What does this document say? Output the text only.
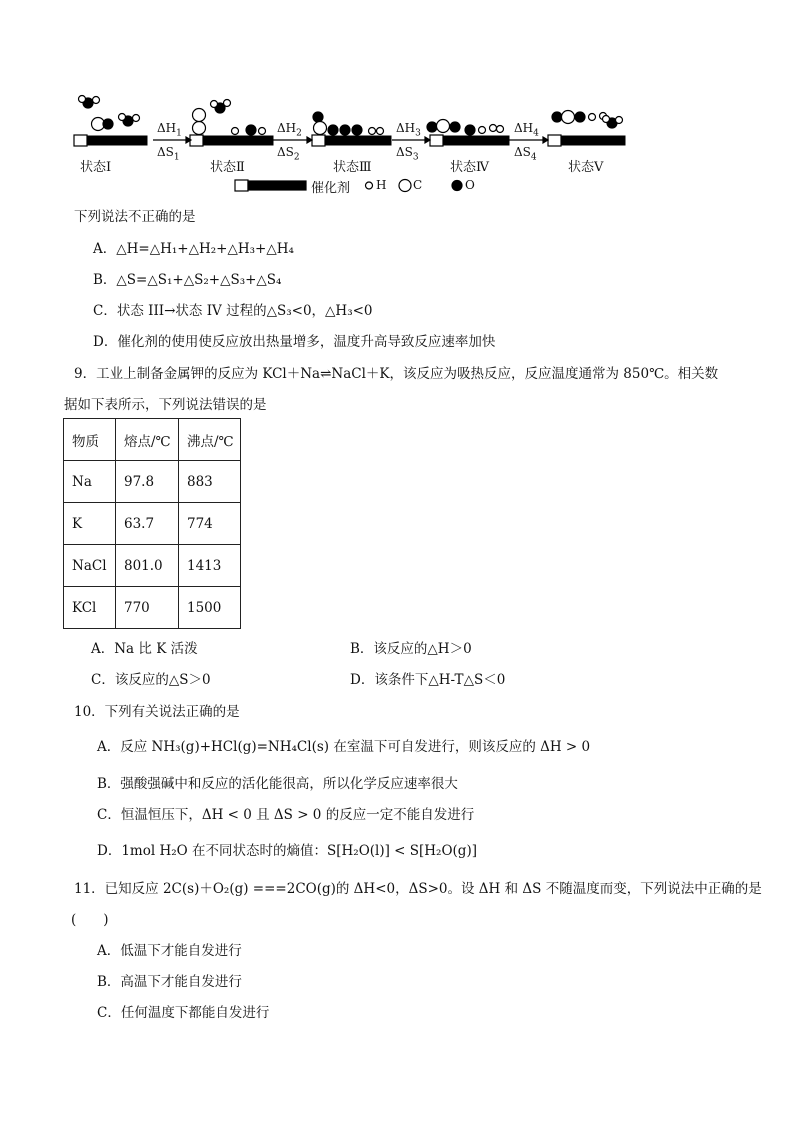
$\Delta H_1$
$\Delta S_1$
$\Delta H_2$
$\Delta S_2$
$\Delta H_3$
$\Delta S_3$
$\Delta H_4$
$\Delta S_4$
状态Ⅰ	状态Ⅱ	状态Ⅲ	状态Ⅳ	状态Ⅴ
催化剂 H C	O
下列说法不正确的是
A．△H=△H₁+△H₂+△H₃+△H₄
B．△S=△S₁+△S₂+△S₃+△S₄
C．状态 III→状态 IV 过程的△S₃<0，△H₃<0
D．催化剂的使用使反应放出热量增多，温度升高导致反应速率加快
9．工业上制备金属钾的反应为 KCl＋Na⇌NaCl＋K，该反应为吸热反应，反应温度通常为 850℃。相关数
据如下表所示，下列说法错误的是
物质	熔点/℃	沸点/℃
Na	97.8	883
K	63.7	774
NaCl	801.0	1413
KCl	770	1500
A．Na 比 K 活泼	B．该反应的△H＞0
C．该反应的△S＞0	D．该条件下△H-T△S＜0
10．下列有关说法正确的是
A．反应 NH₃(g)+HCl(g)=NH₄Cl(s) 在室温下可自发进行，则该反应的 ΔH > 0
B．强酸强碱中和反应的活化能很高，所以化学反应速率很大
C．恒温恒压下，ΔH < 0 且 ΔS > 0 的反应一定不能自发进行
D．1mol H₂O 在不同状态时的熵值：S[H₂O(l)] < S[H₂O(g)]
11．已知反应 2C(s)＋O₂(g) ===2CO(g)的 ΔH<0，ΔS>0。设 ΔH 和 ΔS 不随温度而变，下列说法中正确的是
(　　)
A．低温下才能自发进行
B．高温下才能自发进行
C．任何温度下都能自发进行
